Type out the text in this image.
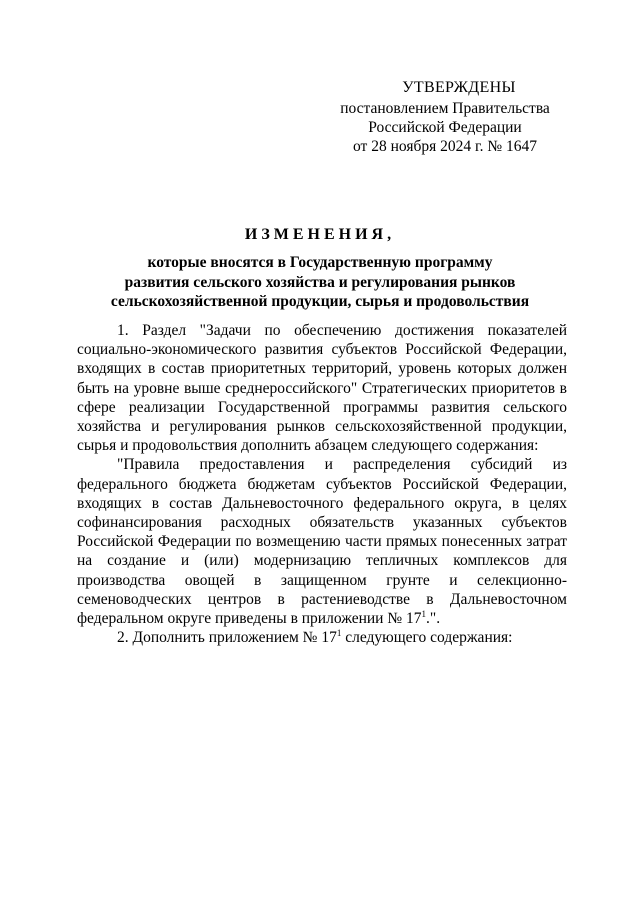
УТВЕРЖДЕНЫ
постановлением Правительства
Российской Федерации
от 28 ноября 2024 г. № 1647
ИЗМЕНЕНИЯ,
которые вносятся в Государственную программу
развития сельского хозяйства и регулирования рынков
сельскохозяйственной продукции, сырья и продовольствия

1. Раздел "Задачи по обеспечению достижения показателей социально-экономического развития субъектов Российской Федерации, входящих в состав приоритетных территорий, уровень которых должен быть на уровне выше среднероссийского" Стратегических приоритетов в сфере реализации Государственной программы развития сельского хозяйства и регулирования рынков сельскохозяйственной продукции, сырья и продовольствия дополнить абзацем следующего содержания:

"Правила предоставления и распределения субсидий из федерального бюджета бюджетам субъектов Российской Федерации, входящих в состав Дальневосточного федерального округа, в целях софинансирования расходных обязательств указанных субъектов Российской Федерации по возмещению части прямых понесенных затрат на создание и (или) модернизацию тепличных комплексов для производства овощей в защищенном грунте и селекционно-семеноводческих центров в растениеводстве в Дальневосточном федеральном округе приведены в приложении № $17^1$.".

2. Дополнить приложением № $17^1$ следующего содержания:
